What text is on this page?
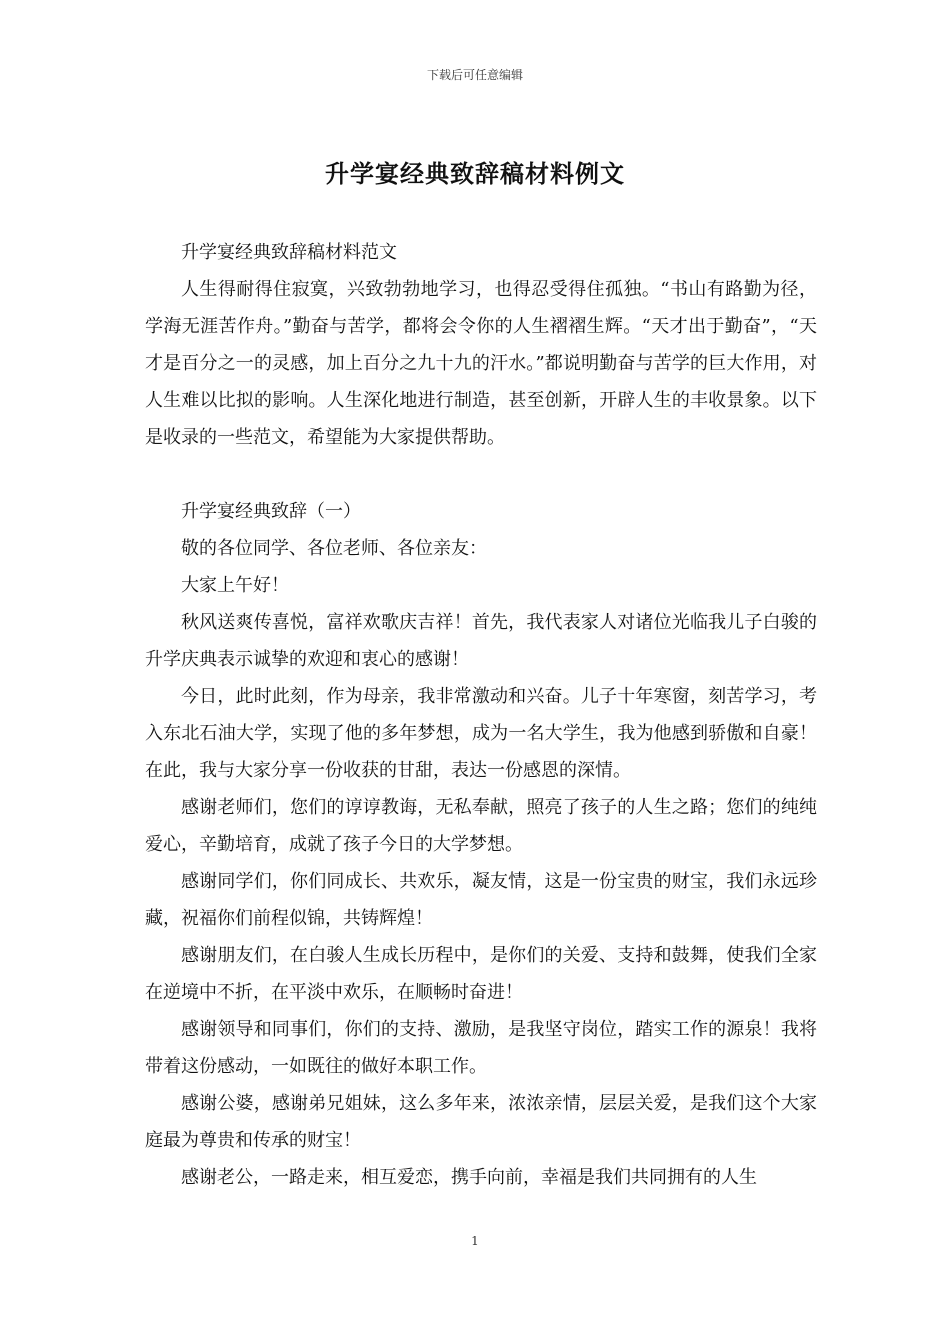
下载后可任意编辑
升学宴经典致辞稿材料例文

升学宴经典致辞稿材料范文

人生得耐得住寂寞，兴致勃勃地学习，也得忍受得住孤独。“书山有路勤为径，学海无涯苦作舟。”勤奋与苦学，都将会令你的人生褶褶生辉。“天才出于勤奋”，“天才是百分之一的灵感，加上百分之九十九的汗水。”都说明勤奋与苦学的巨大作用，对人生难以比拟的影响。人生深化地进行制造，甚至创新，开辟人生的丰收景象。以下是收录的一些范文，希望能为大家提供帮助。

升学宴经典致辞（一）

敬的各位同学、各位老师、各位亲友：

大家上午好！

秋风送爽传喜悦，富祥欢歌庆吉祥！首先，我代表家人对诸位光临我儿子白骏的升学庆典表示诚挚的欢迎和衷心的感谢！

今日，此时此刻，作为母亲，我非常激动和兴奋。儿子十年寒窗，刻苦学习，考入东北石油大学，实现了他的多年梦想，成为一名大学生，我为他感到骄傲和自豪！在此，我与大家分享一份收获的甘甜，表达一份感恩的深情。

感谢老师们，您们的谆谆教诲，无私奉献，照亮了孩子的人生之路；您们的纯纯爱心，辛勤培育，成就了孩子今日的大学梦想。

感谢同学们，你们同成长、共欢乐，凝友情，这是一份宝贵的财宝，我们永远珍藏，祝福你们前程似锦，共铸辉煌！

感谢朋友们，在白骏人生成长历程中，是你们的关爱、支持和鼓舞，使我们全家在逆境中不折，在平淡中欢乐，在顺畅时奋进！

感谢领导和同事们，你们的支持、激励，是我坚守岗位，踏实工作的源泉！我将带着这份感动，一如既往的做好本职工作。

感谢公婆，感谢弟兄姐妹，这么多年来，浓浓亲情，层层关爱，是我们这个大家庭最为尊贵和传承的财宝！

感谢老公，一路走来，相互爱恋，携手向前，幸福是我们共同拥有的人生

1
